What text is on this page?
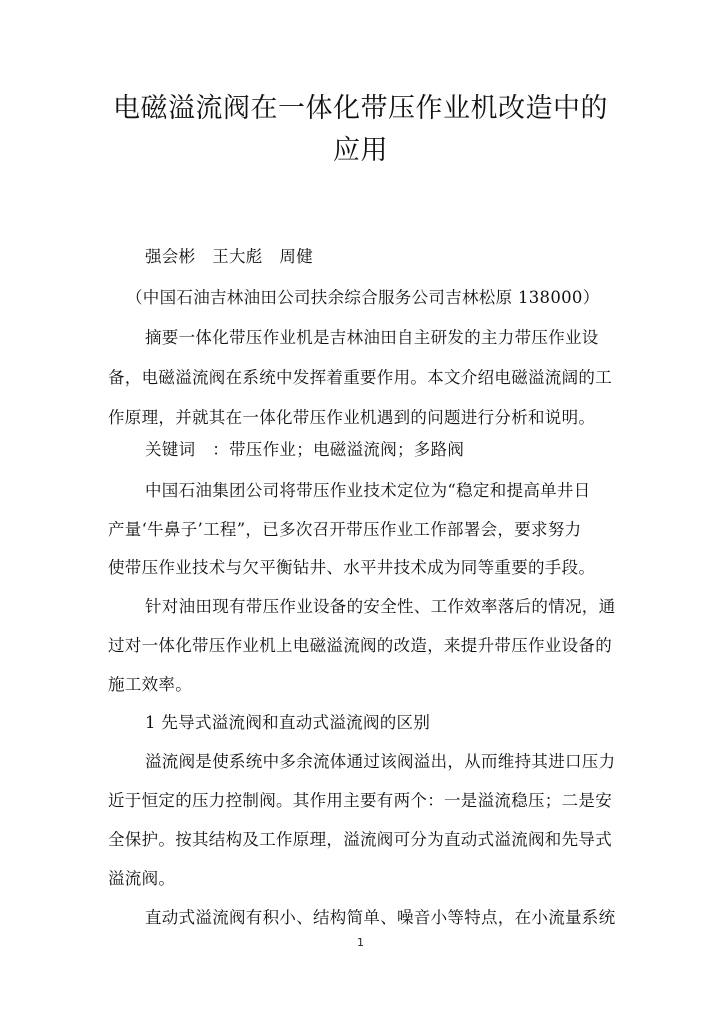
电磁溢流阀在一体化带压作业机改造中的
应用
强会彬　王大彪　周健
（中国石油吉林油田公司扶余综合服务公司吉林松原 138000）
摘要一体化带压作业机是吉林油田自主研发的主力带压作业设
备，电磁溢流阀在系统中发挥着重要作用。本文介绍电磁溢流阔的工
作原理，并就其在一体化带压作业机遇到的问题进行分析和说明。
关键词　：带压作业；电磁溢流阀；多路阀
中国石油集团公司将带压作业技术定位为“稳定和提高单井日
产量‘牛鼻子’工程”，已多次召开带压作业工作部署会，要求努力
使带压作业技术与欠平衡钻井、水平井技术成为同等重要的手段。
针对油田现有带压作业设备的安全性、工作效率落后的情况，通
过对一体化带压作业机上电磁溢流阀的改造，来提升带压作业设备的
施工效率。
1 先导式溢流阀和直动式溢流阀的区别
溢流阀是使系统中多余流体通过该阀溢出，从而维持其进口压力
近于恒定的压力控制阀。其作用主要有两个：一是溢流稳压；二是安
全保护。按其结构及工作原理，溢流阀可分为直动式溢流阀和先导式
溢流阀。
直动式溢流阀有积小、结构简单、噪音小等特点，在小流量系统
1
